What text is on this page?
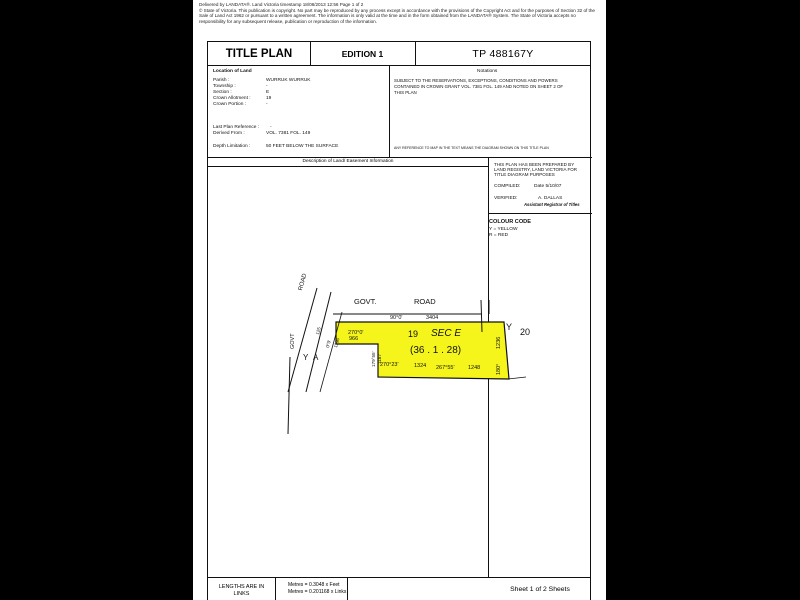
Delivered by LANDATA®. Land Victoria timestamp 18/08/2013 12:56 Page 1 of 2
© State of Victoria. This publication is copyright. No part may be reproduced by any process except in accordance with the provisions of the Copyright Act and for the purposes of Section 32 of the Sale of Land Act 1962 or pursuant to a written agreement. The information is only valid at the time and in the form obtained from the LANDATA® System. The State of Victoria accepts no responsibility for any subsequent release, publication or reproduction of the information.
TITLE PLAN	EDITION 1	TP 488167Y
Location of Land
Parish :	WURRUK WURRUK
Township :	-
Section :	E
Crown Allotment :	19
Crown Portion :	-
Last Plan Reference : -
Derived From :	VOL. 7381 FOL. 149
Depth Limitation :	50 FEET BELOW THE SURFACE
Notations
SUBJECT TO THE RESERVATIONS, EXCEPTIONS, CONDITIONS AND POWERS
CONTAINED IN CROWN GRANT VOL. 7381 FOL. 149 AND NOTED ON SHEET 2 OF
THIS PLAN
ANY REFERENCE TO MAP IN THE TEXT MEANS THE DIAGRAM SHOWN ON THIS TITLE PLAN
Description of Land/ Easement Information
THIS PLAN HAS BEEN PREPARED BY
LAND REGISTRY, LAND VICTORIA FOR
TITLE DIAGRAM PURPOSES
COMPILED:	Date 5/10/07
VERIFIED:	A. DALLAS
Assistant Registrar of Titles
COLOUR CODE
Y = YELLOW
R = RED
ROAD
GOVT.	ROAD
GOVT
90°0'	3404
270°0'
966
125
0°0' 1196
179°55' 1187
19 SEC E
(36 . 1 . 28)
270°23'	1324 267°55' 1248
1236
180°
Y 20
Y A
LENGTHS ARE IN
LINKS
Metres = 0.3048 x Feet
Metres = 0.201168 x Links	Sheet 1 of 2 Sheets
